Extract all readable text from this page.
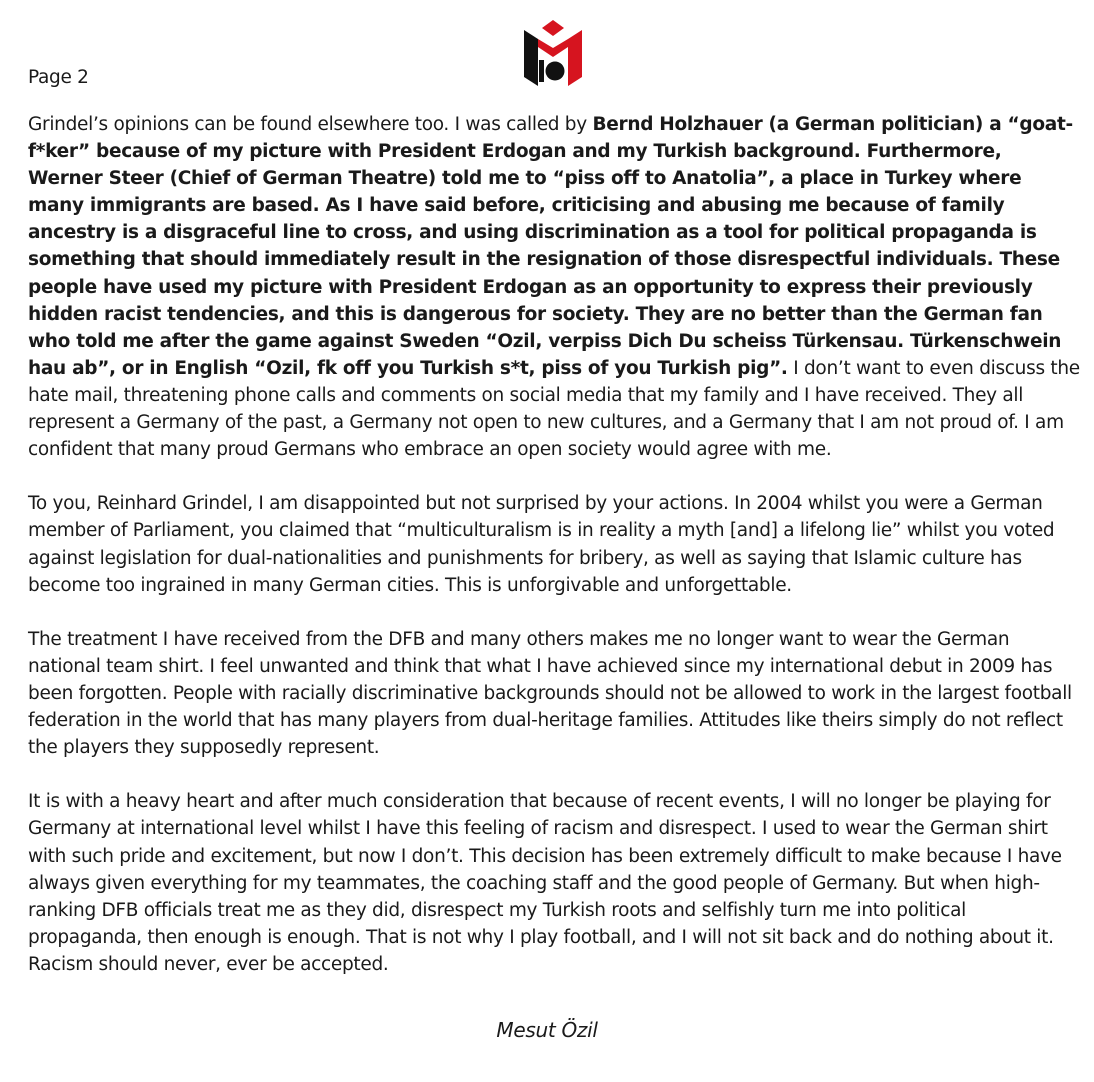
Page 2

Grindel’s opinions can be found elsewhere too. I was called by Bernd Holzhauer (a German politician) a “goat-f*ker” because of my picture with President Erdogan and my Turkish background. Furthermore, Werner Steer (Chief of German Theatre) told me to “piss off to Anatolia”, a place in Turkey where many immigrants are based. As I have said before, criticising and abusing me because of family ancestry is a disgraceful line to cross, and using discrimination as a tool for political propaganda is something that should immediately result in the resignation of those disrespectful individuals. These people have used my picture with President Erdogan as an opportunity to express their previously hidden racist tendencies, and this is dangerous for society. They are no better than the German fan who told me after the game against Sweden “Ozil, verpiss Dich Du scheiss Türkensau. Türkenschwein hau ab”, or in English “Ozil, fk off you Turkish s*t, piss of you Turkish pig”. I don’t want to even discuss the hate mail, threatening phone calls and comments on social media that my family and I have received. They all represent a Germany of the past, a Germany not open to new cultures, and a Germany that I am not proud of. I am confident that many proud Germans who embrace an open society would agree with me.

To you, Reinhard Grindel, I am disappointed but not surprised by your actions. In 2004 whilst you were a German member of Parliament, you claimed that “multiculturalism is in reality a myth [and] a lifelong lie” whilst you voted against legislation for dual-nationalities and punishments for bribery, as well as saying that Islamic culture has become too ingrained in many German cities. This is unforgivable and unforgettable.

The treatment I have received from the DFB and many others makes me no longer want to wear the German national team shirt. I feel unwanted and think that what I have achieved since my international debut in 2009 has been forgotten. People with racially discriminative backgrounds should not be allowed to work in the largest football federation in the world that has many players from dual-heritage families. Attitudes like theirs simply do not reflect the players they supposedly represent.

It is with a heavy heart and after much consideration that because of recent events, I will no longer be playing for Germany at international level whilst I have this feeling of racism and disrespect. I used to wear the German shirt with such pride and excitement, but now I don’t. This decision has been extremely difficult to make because I have always given everything for my teammates, the coaching staff and the good people of Germany. But when high-ranking DFB officials treat me as they did, disrespect my Turkish roots and selfishly turn me into political propaganda, then enough is enough. That is not why I play football, and I will not sit back and do nothing about it. Racism should never, ever be accepted.

Mesut Özil
